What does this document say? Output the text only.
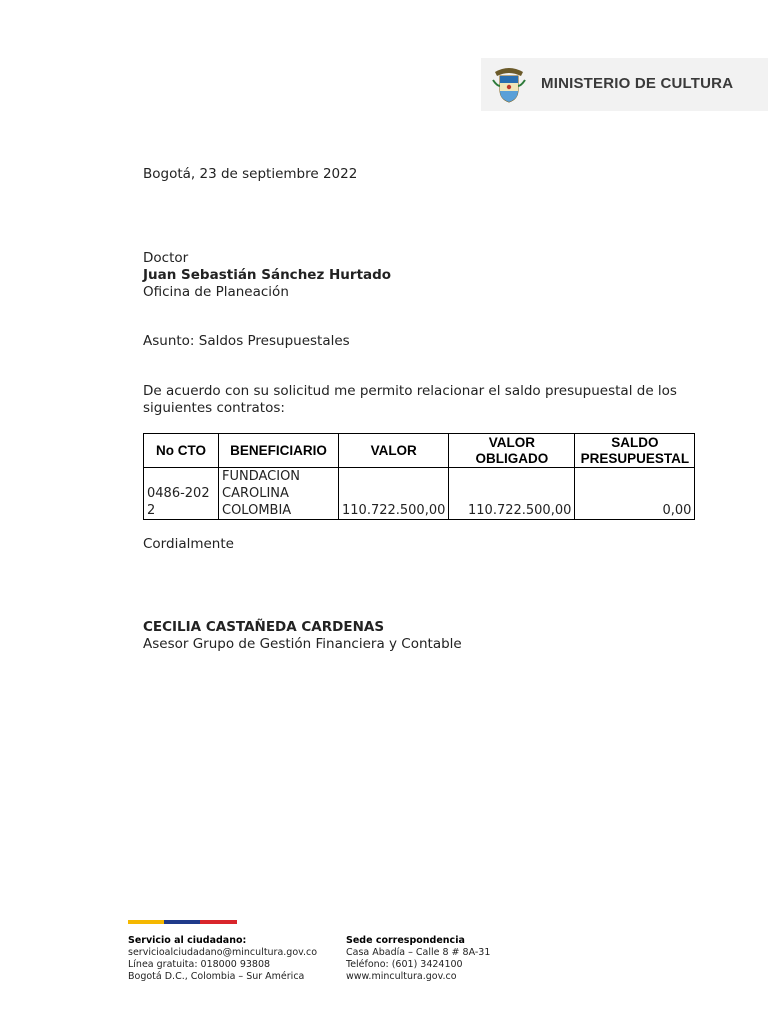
MINISTERIO DE CULTURA
Bogotá, 23 de septiembre 2022
Doctor
Juan Sebastián Sánchez Hurtado
Oficina de Planeación
Asunto: Saldos Presupuestales
De acuerdo con su solicitud me permito relacionar el saldo presupuestal de los
siguientes contratos:
No CTO	BENEFICIARIO	VALOR	VALOR OBLIGADO	SALDO PRESUPUESTAL
0486-2022	FUNDACION CAROLINA COLOMBIA	110.722.500,00	110.722.500,00	0,00
Cordialmente
CECILIA CASTAÑEDA CARDENAS
Asesor Grupo de Gestión Financiera y Contable
Servicio al ciudadano:
servicioalciudadano@mincultura.gov.co
Línea gratuita: 018000 93808
Bogotá D.C., Colombia – Sur América
Sede correspondencia
Casa Abadía – Calle 8 # 8A-31
Teléfono: (601) 3424100
www.mincultura.gov.co
